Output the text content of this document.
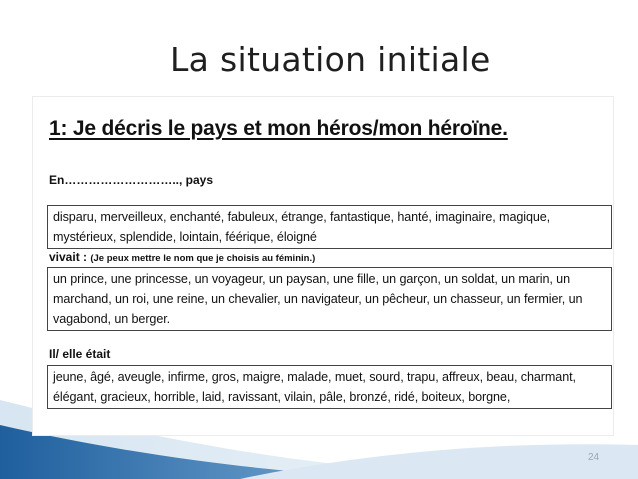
La situation initiale
1: Je décris le pays et mon héros/mon héroïne.
En……………………….., pays
disparu, merveilleux, enchanté, fabuleux, étrange, fantastique, hanté, imaginaire, magique, mystérieux, splendide, lointain, féérique, éloigné
vivait : (Je peux mettre le nom que je choisis au féminin.)
un prince, une princesse, un voyageur, un paysan, une fille, un garçon, un soldat, un marin, un marchand, un roi, une reine, un chevalier, un navigateur, un pêcheur, un chasseur, un fermier, un vagabond, un berger.
Il/ elle était
jeune, âgé, aveugle, infirme, gros, maigre, malade, muet, sourd, trapu, affreux, beau, charmant, élégant, gracieux, horrible, laid, ravissant, vilain, pâle, bronzé, ridé, boiteux, borgne,
24
